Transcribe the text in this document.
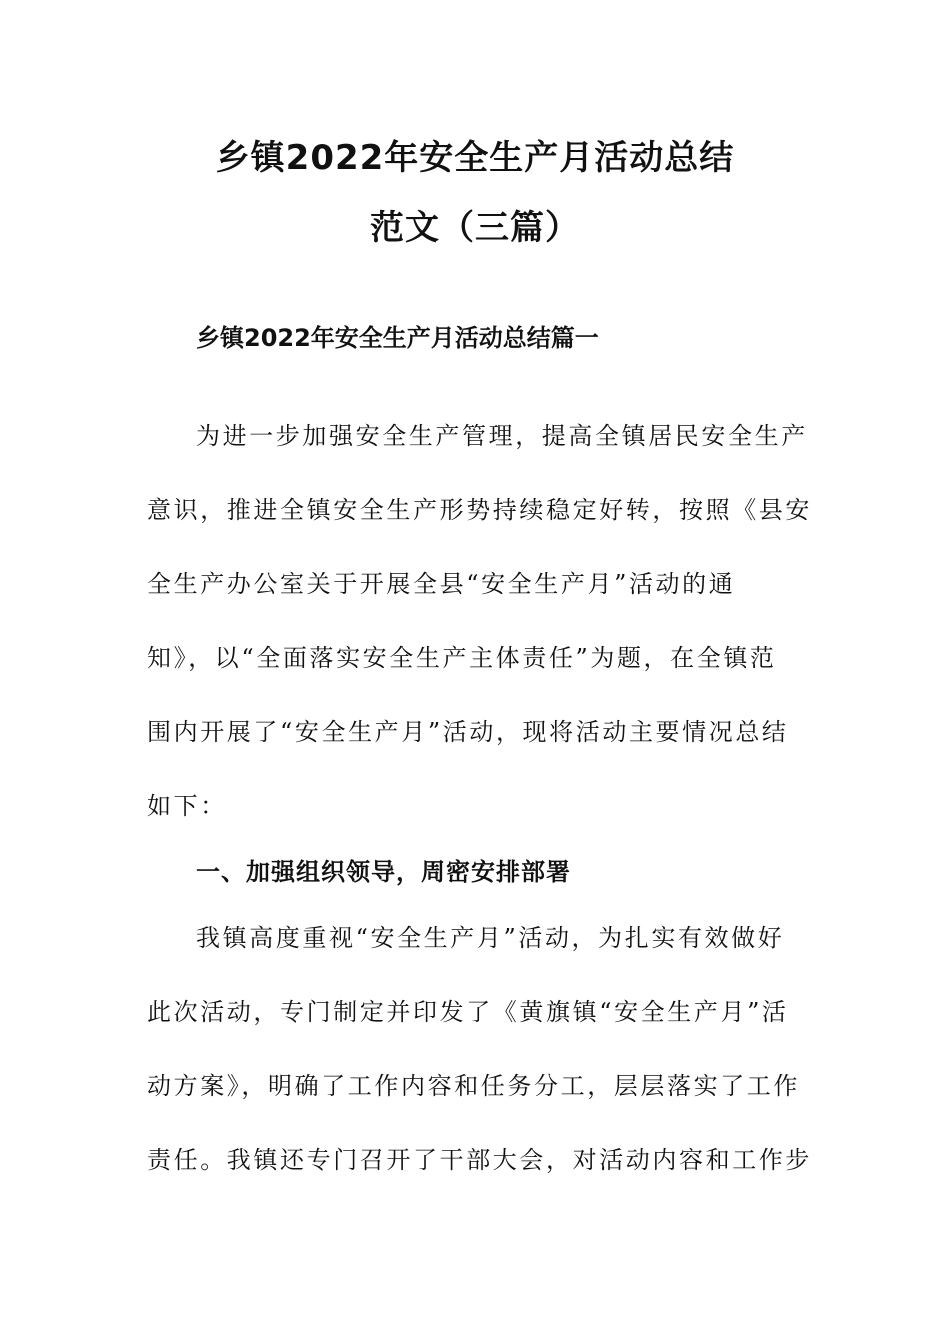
乡镇2022年安全生产月活动总结
范文（三篇）
乡镇2022年安全生产月活动总结篇一
为进一步加强安全生产管理，提高全镇居民安全生产
意识，推进全镇安全生产形势持续稳定好转，按照《县安
全生产办公室关于开展全县“安全生产月”活动的通
知》，以“全面落实安全生产主体责任”为题，在全镇范
围内开展了“安全生产月”活动，现将活动主要情况总结
如下：
一、加强组织领导，周密安排部署
我镇高度重视“安全生产月”活动，为扎实有效做好
此次活动，专门制定并印发了《黄旗镇“安全生产月”活
动方案》，明确了工作内容和任务分工，层层落实了工作
责任。我镇还专门召开了干部大会，对活动内容和工作步
